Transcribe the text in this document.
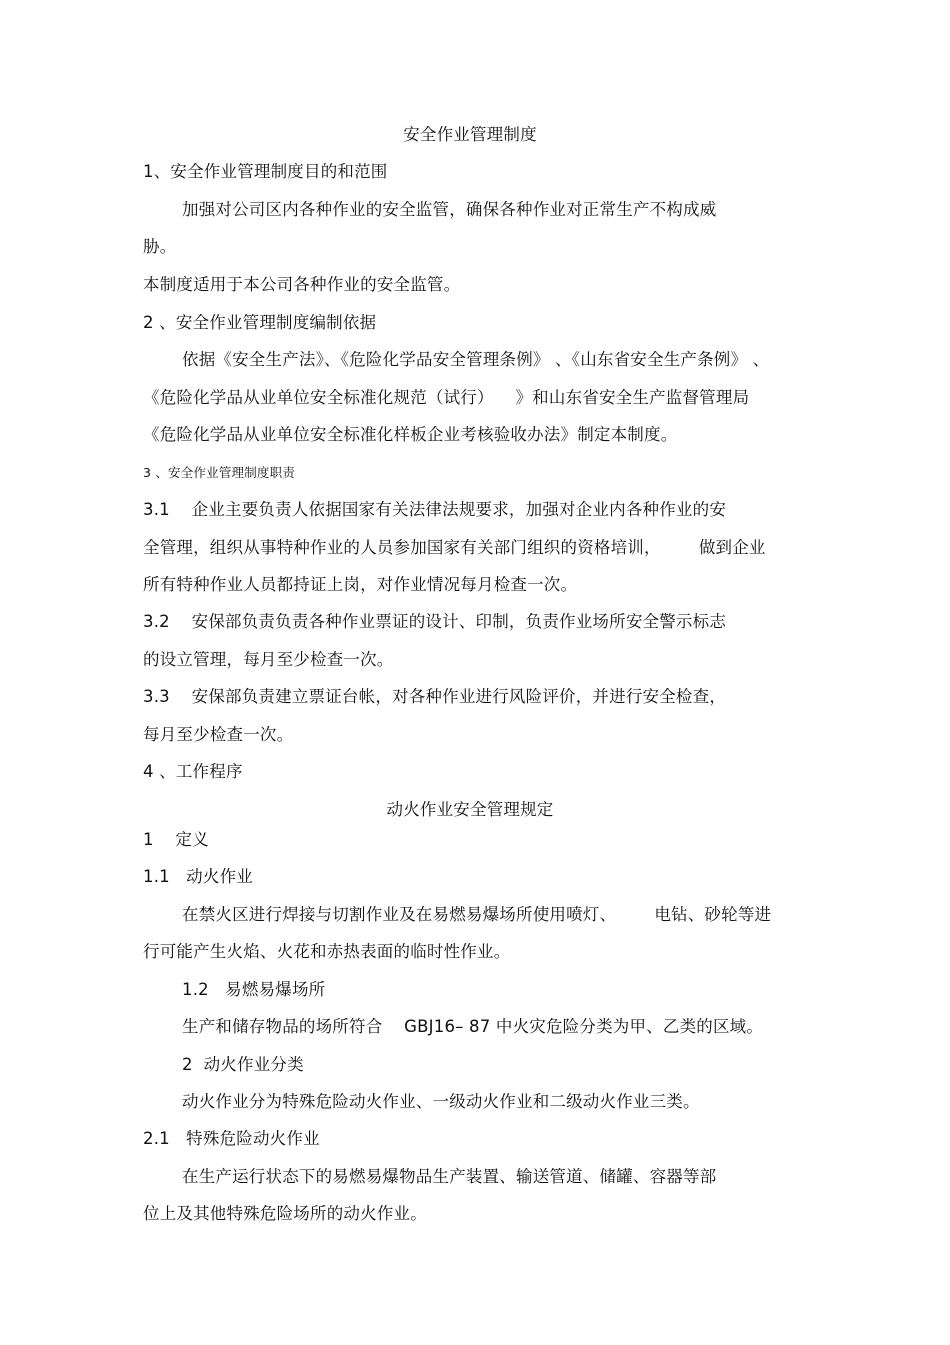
安全作业管理制度
1、安全作业管理制度目的和范围
加强对公司区内各种作业的安全监管，确保各种作业对正常生产不构成威
胁。
本制度适用于本公司各种作业的安全监管。
2 、安全作业管理制度编制依据
依据《安全生产法》、《危险化学品安全管理条例》 、《山东省安全生产条例》 、
《危险化学品从业单位安全标准化规范（试行）    》和山东省安全生产监督管理局
《危险化学品从业单位安全标准化样板企业考核验收办法》制定本制度。
3 、安全作业管理制度职责
3.1    企业主要负责人依据国家有关法律法规要求，加强对企业内各种作业的安
全管理，组织从事特种作业的人员参加国家有关部门组织的资格培训，       做到企业
所有特种作业人员都持证上岗，对作业情况每月检查一次。
3.2    安保部负责负责各种作业票证的设计、印制，负责作业场所安全警示标志
的设立管理，每月至少检查一次。
3.3    安保部负责建立票证台帐，对各种作业进行风险评价，并进行安全检查，
每月至少检查一次。
4 、工作程序
动火作业安全管理规定
1    定义
1.1   动火作业
在禁火区进行焊接与切割作业及在易燃易爆场所使用喷灯、       电钻、砂轮等进
行可能产生火焰、火花和赤热表面的临时性作业。
1.2   易燃易爆场所
生产和储存物品的场所符合    GBJ16– 87 中火灾危险分类为甲、乙类的区域。
2  动火作业分类
动火作业分为特殊危险动火作业、一级动火作业和二级动火作业三类。
2.1   特殊危险动火作业
在生产运行状态下的易燃易爆物品生产装置、输送管道、储罐、容器等部
位上及其他特殊危险场所的动火作业。
